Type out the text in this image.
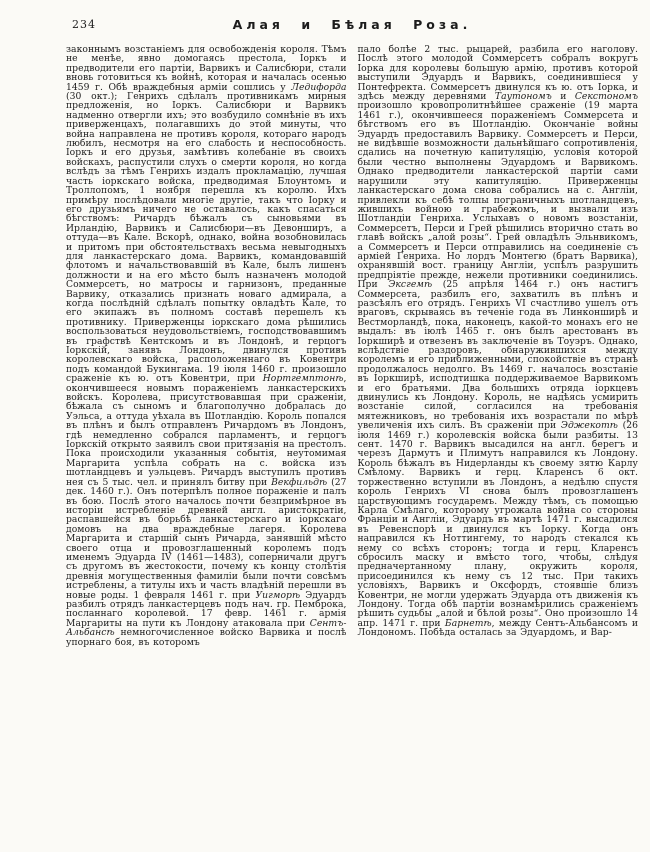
234	Алая и Бѣлая Роза.
законнымъ возстаніемъ для освобожденія короля. Тѣмъ не менѣе, явно домогаясь престола, Іоркъ и предводители его партіи, Варвикъ и Салисбюри, стали вновь готовиться къ войнѣ, которая и началась осенью 1459 г. Обѣ враждебныя арміи сошлись у Ледифорда (30 окт.); Генрихъ сдѣлалъ противникамъ мирныя предложенія, но Іоркъ. Салисбюри и Варвикъ надменно отвергли ихъ; это возбудило сомнѣніе въ ихъ приверженцахъ, полагавшихъ до этой минуты, что война направлена не противъ короля, котораго народъ любилъ, несмотря на его слабость и неспособность. Іоркъ и его друзья, замѣтивъ колебаніе въ своихъ войскахъ, распустили слухъ о смерти короля, но когда вслѣдъ за тѣмъ Генрихъ издалъ прокламацію, лучшая часть іоркскаго войска, предводимая Блоунтомъ и Троллопомъ, 1 ноября перешла къ королю. Ихъ примѣру послѣдовали многіе другіе, такъ что Іорку и его друзьямъ ничего не оставалось, какъ спасаться бѣгствомъ: Ричардъ бѣжалъ съ сыновьями въ Ирландію, Варвикъ и Салисбюри—въ Девонширъ, а оттуда—въ Кале. Вскорѣ, однако, война возобновилась и притомъ при обстоятельствахъ весьма невыгодныхъ для ланкастерскаго дома. Варвикъ, командовавшій флотомъ и начальствовавшій въ Кале, былъ лишенъ должности и на его мѣсто былъ назначенъ молодой Соммерсетъ, но матросы и гарнизонъ, преданные Варвику, отказались признать новаго адмирала, а когда послѣдній сдѣлалъ попытку овладѣть Кале, то его экипажъ въ полномъ составѣ перешелъ къ противнику. Приверженцы іоркскаго дома рѣшились воспользоваться неудовольствіемъ, господствовавшимъ въ графствѣ Кентскомъ и въ Лондонѣ, и герцогъ Іоркскій, занявъ Лондонъ, двинулся противъ королевскаго войска, расположеннаго въ Ковентри подъ командой Букингама. 19 іюля 1460 г. произошло сраженіе къ ю. отъ Ковентри, при Нортгемптонѣ, окончившееся новымъ пораженіемъ ланкастерскихъ войскъ. Королева, присутствовавшая при сраженіи, бѣжала съ сыномъ и благополучно добралась до Уэльса, а оттуда уѣхала въ Шотландію. Король попался въ плѣнъ и былъ отправленъ Ричардомъ въ Лондонъ, гдѣ немедленно собрался парламентъ, и герцогъ Іоркскій открыто заявилъ свои притязанія на престолъ. Пока происходили указанныя событія, неутомимая Маргарита успѣла собрать на с. войска изъ шотландцевъ и уэльцевъ. Ричардъ выступилъ противъ нея съ 5 тыс. чел. и принялъ битву при Векфильдѣ (27 дек. 1460 г.). Онъ потерпѣлъ полное пораженіе и палъ въ бою. Послѣ этого началось почти безпримѣрное въ исторіи истребленіе древней англ. аристократіи, распавшейся въ борьбѣ ланкастерскаго и іоркскаго домовъ на два враждебные лагеря. Королева Маргарита и старшій сынъ Ричарда, занявшій мѣсто своего отца и провозглашенный королемъ подъ именемъ Эдуарда IV (1461—1483), соперничали другъ съ другомъ въ жестокости, почему къ концу столѣтія древнія могущественныя фамиліи были почти совсѣмъ истреблены, а титулы ихъ и часть владѣній перешли въ новые роды. 1 февраля 1461 г. при Уигморѣ Эдуардъ разбилъ отрядъ ланкастерцевъ подъ нач. гр. Пемброка, посланнаго королевой. 17 февр. 1461 г. армія Маргариты на пути къ Лондону атаковала при Сентъ-Альбансѣ немногочисленное войско Варвика и послѣ упорнаго боя, въ которомъ
пало болѣе 2 тыс. рыцарей, разбила его наголову. Послѣ этого молодой Соммерсетъ собралъ вокругъ Іорка для королевы большую армію, противъ которой выступили Эдуардъ и Варвикъ, соединившіеся у Понтефректа. Соммерсетъ двинулся къ ю. отъ Іорка, и здѣсь между деревнями Таутономъ и Секстономъ произошло кровопролитнѣйшее сраженіе (19 марта 1461 г.), окончившееся пораженіемъ Соммерсета и бѣгствомъ его въ Шотландію. Окончаніе войны Эдуардъ предоставилъ Варвику. Соммерсетъ и Перси, не видѣвшіе возможности дальнѣйшаго сопротивленія, сдались на почетную капитуляцію, условія которой были честно выполнены Эдуардомъ и Варвикомъ. Однако предводители ланкастерской партіи сами нарушили эту капитуляцію. Приверженцы ланкастерскаго дома снова собрались на с. Англіи, привлекли къ себѣ толпы пограничныхъ шотландцевъ, жившихъ войною и грабежомъ, и вызвали изъ Шотландіи Генриха. Услыхавъ о новомъ возстаніи, Соммерсетъ, Перси и Грей рѣшились вторично стать во главѣ войскъ „алой розы“. Грей овладѣлъ Эльнвикомъ, а Соммерсетъ и Перси отправились на соединеніе съ арміей Генриха. Но лордъ Монтегю (братъ Варвика), охранявшій вост. границу Англіи, успѣлъ разрушить предпріятіе прежде, нежели противники соединились. При Эксгемѣ (25 апрѣля 1464 г.) онъ настигъ Соммерсета, разбилъ его, захватилъ въ плѣнъ и разсѣялъ его отрядъ. Генрихъ VI счастливо ушелъ отъ враговъ, скрываясь въ теченіе года въ Линконширѣ и Вестморландѣ, пока, наконецъ, какой-то монахъ его не выдалъ: въ іюлѣ 1465 г. онъ былъ арестованъ въ Іоркширѣ и отвезенъ въ заключеніе въ Тоуэръ. Однако, вслѣдствіе раздоровъ, обнаружившихся между королемъ и его приближенными, спокойствіе въ странѣ продолжалось недолго. Въ 1469 г. началось возстаніе въ Іоркширѣ, исподтишка поддерживаемое Варвикомъ и его братьями. Два большихъ отряда іоркцевъ двинулись къ Лондону. Король, не надѣясь усмирить возстаніе силой, согласился на требованія мятежниковъ, но требованія ихъ возрастали по мѣрѣ увеличенія ихъ силъ. Въ сраженіи при Эджекотѣ (26 іюля 1469 г.) королевскія войска были разбиты. 13 сент. 1470 г. Варвикъ высадился на англ. берегъ и черезъ Дармутъ и Плимутъ направился къ Лондону. Король бѣжалъ въ Нидерланды къ своему зятю Карлу Смѣлому. Варвикъ и герц. Кларенсъ 6 окт. торжественно вступили въ Лондонъ, а недѣлю спустя король Генрихъ VI снова былъ провозглашенъ царствующимъ государемъ. Между тѣмъ, съ помощью Карла Смѣлаго, которому угрожала война со стороны Франціи и Англіи, Эдуардъ въ мартѣ 1471 г. высадился въ Ревенспорѣ и двинулся къ Іорку. Когда онъ направился къ Ноттингему, то народъ стекался къ нему со всѣхъ сторонъ; тогда и герц. Кларенсъ сбросилъ маску и вмѣсто того, чтобы, слѣдуя предначертанному плану, окружить короля, присоединился къ нему съ 12 тыс. При такихъ условіяхъ, Варвикъ и Оксфордъ, стоявшіе близъ Ковентри, не могли удержать Эдуарда отъ движенія къ Лондону. Тогда обѣ партіи вознамѣрились сраженіемъ рѣшить судьбы „алой и бѣлой розы“. Оно произошло 14 апр. 1471 г. при Барнетѣ, между Сентъ-Альбансомъ и Лондономъ. Побѣда осталась за Эдуардомъ, и Вар-
